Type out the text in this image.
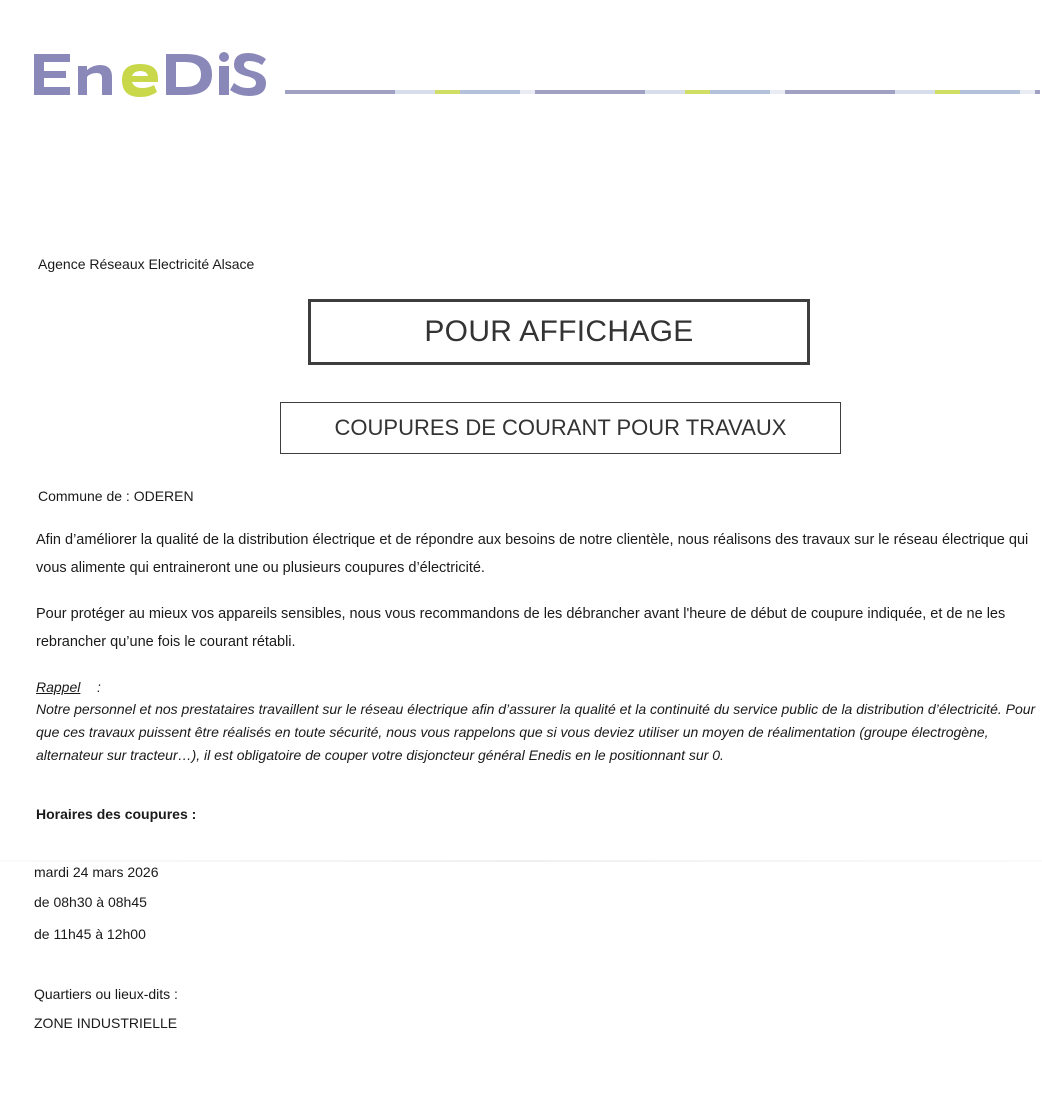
Agence Réseaux Electricité Alsace
POUR AFFICHAGE
COUPURES DE COURANT POUR TRAVAUX
Commune de : ODEREN
Afin d’améliorer la qualité de la distribution électrique et de répondre aux besoins de notre clientèle, nous réalisons des travaux sur le réseau électrique qui vous alimente qui entraineront une ou plusieurs coupures d’électricité.
Pour protéger au mieux vos appareils sensibles, nous vous recommandons de les débrancher avant l'heure de début de coupure indiquée, et de ne les rebrancher qu’une fois le courant rétabli.
Rappel :
Notre personnel et nos prestataires travaillent sur le réseau électrique afin d’assurer la qualité et la continuité du service public de la distribution d’électricité. Pour que ces travaux puissent être réalisés en toute sécurité, nous vous rappelons que si vous deviez utiliser un moyen de réalimentation (groupe électrogène, alternateur sur tracteur…), il est obligatoire de couper votre disjoncteur général Enedis en le positionnant sur 0.
Horaires des coupures :
mardi 24 mars 2026
de 08h30 à 08h45
de 11h45 à 12h00
Quartiers ou lieux-dits :
ZONE INDUSTRIELLE
